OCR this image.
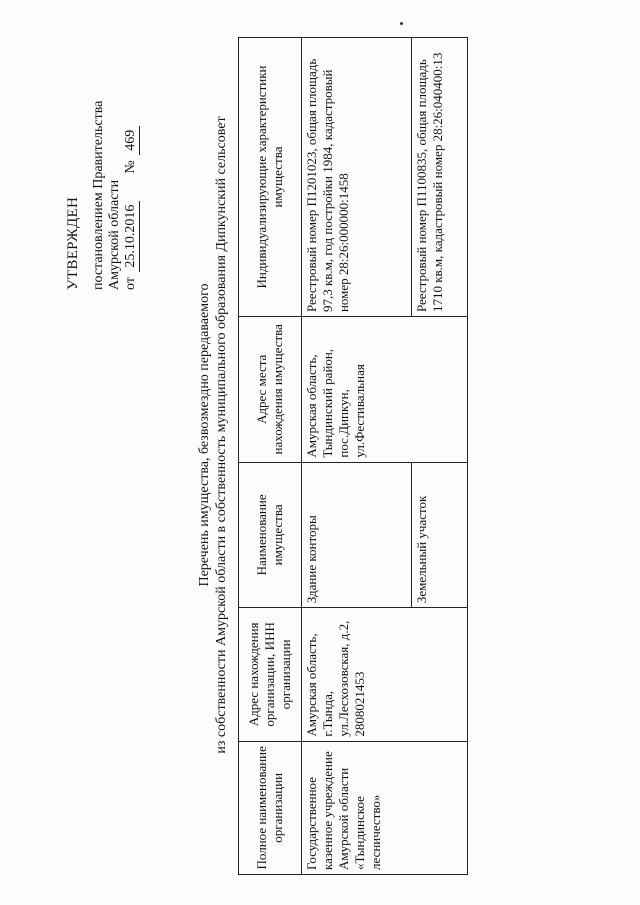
УТВЕРЖДЕН постановлением Правительства Амурской области от 25.10.2016  № 469
Перечень имущества, безвозмездно передаваемого из собственности Амурской области в собственность муниципального образования Дипкунский сельсовет
Полное наименование организации	Адрес нахождения организации, ИНН организации	Наименование имущества	Адрес места нахождения имущества	Индивидуализирующие характеристики имущества
Государственное казенное учреждение Амурской области «Тындинское лесничество»	Амурская область, г.Тында, ул.Лесхозовская, д.2, 2808021453	Здание конторы	Амурская область, Тындинский район, пос.Дипкун, ул.Фестивальная	Реестровый номер П1201023, общая площадь 97,3 кв.м, год постройки 1984, кадастровый номер 28:26:000000:1458
		Земельный участок		Реестровый номер П1100835, общая площадь 1710 кв.м, кадастровый номер 28:26:040400:13
